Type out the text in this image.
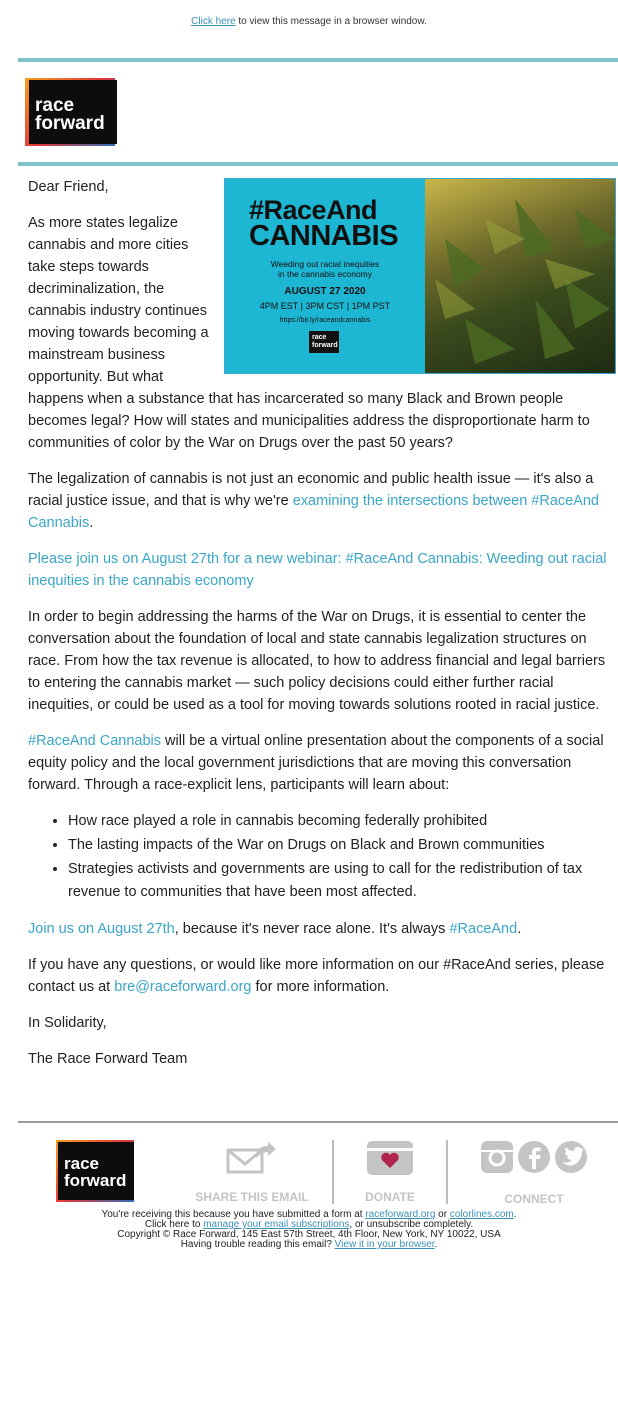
Click here to view this message in a browser window.
race
forward
#RaceAnd
CANNABIS
Weeding out racial inequities
in the cannabis economy
AUGUST 27 2020
4PM EST | 3PM CST | 1PM PST
https://bit.ly/raceandcannabis
race
forward

Dear Friend,

As more states legalize cannabis and more cities take steps towards decriminalization, the cannabis industry continues moving towards becoming a mainstream business opportunity. But what happens when a substance that has incarcerated so many Black and Brown people becomes legal? How will states and municipalities address the disproportionate harm to communities of color by the War on Drugs over the past 50 years?

The legalization of cannabis is not just an economic and public health issue — it's also a racial justice issue, and that is why we're examining the intersections between #RaceAnd Cannabis.

Please join us on August 27th for a new webinar: #RaceAnd Cannabis: Weeding out racial inequities in the cannabis economy

In order to begin addressing the harms of the War on Drugs, it is essential to center the conversation about the foundation of local and state cannabis legalization structures on race. From how the tax revenue is allocated, to how to address financial and legal barriers to entering the cannabis market — such policy decisions could either further racial inequities, or could be used as a tool for moving towards solutions rooted in racial justice.

#RaceAnd Cannabis will be a virtual online presentation about the components of a social equity policy and the local government jurisdictions that are moving this conversation forward. Through a race-explicit lens, participants will learn about:

• How race played a role in cannabis becoming federally prohibited
• The lasting impacts of the War on Drugs on Black and Brown communities
• Strategies activists and governments are using to call for the redistribution of tax revenue to communities that have been most affected.

Join us on August 27th, because it's never race alone. It's always #RaceAnd.

If you have any questions, or would like more information on our #RaceAnd series, please contact us at bre@raceforward.org for more information.

In Solidarity,

The Race Forward Team

race
forward
SHARE THIS EMAIL	DONATE	CONNECT
You're receiving this because you have submitted a form at raceforward.org or colorlines.com.
Click here to manage your email subscriptions, or unsubscribe completely.
Copyright © Race Forward, 145 East 57th Street, 4th Floor, New York, NY 10022, USA
Having trouble reading this email? View it in your browser.
